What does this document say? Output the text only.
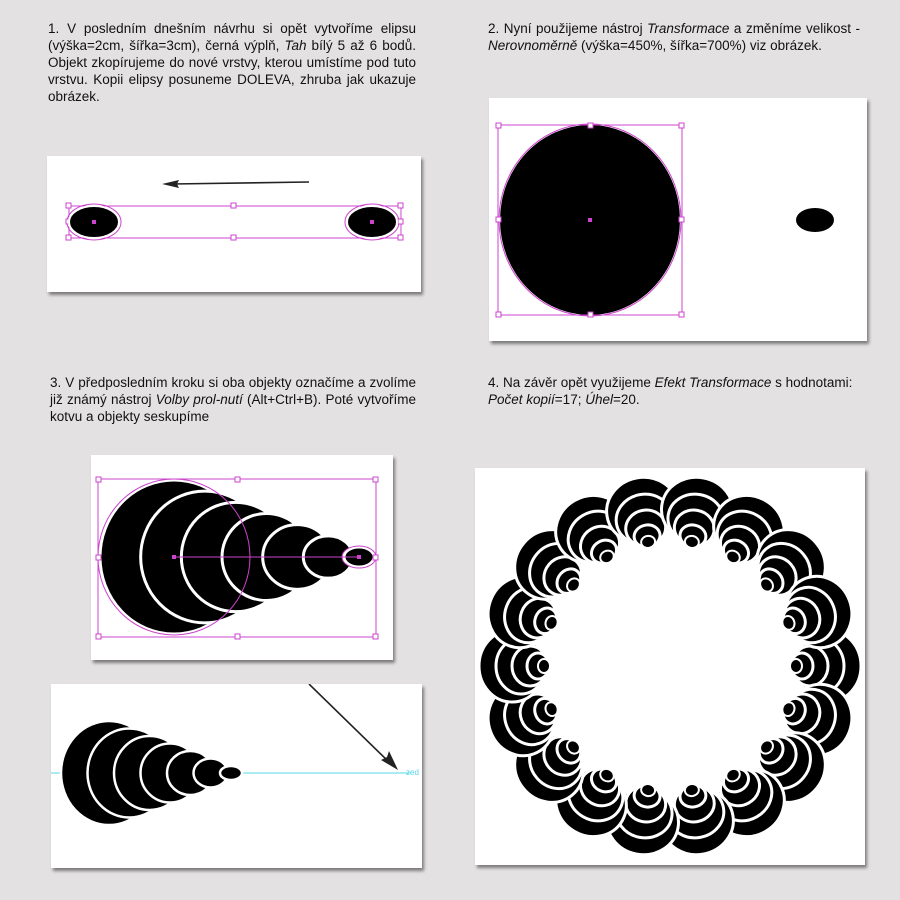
1. V posledním dnešním návrhu si opět vytvoříme elipsu (výška=2cm, šířka=3cm), černá výplň, Tah bílý 5 až 6 bodů. Objekt zkopírujeme do nové vrstvy, kterou umístíme pod tuto vrstvu. Kopii elipsy posuneme DOLEVA, zhruba jak ukazuje obrázek.

2. Nyní použijeme nástroj Transformace a změníme velikost - Nerovnoměrně (výška=450%, šířka=700%) viz obrázek.

3. V předposledním kroku si oba objekty označíme a zvolíme již známý nástroj Volby prol-nutí (Alt+Ctrl+B). Poté vytvoříme kotvu a objekty seskupíme

4. Na závěr opět využijeme Efekt Transformace s hodnotami: Počet kopií=17; Úhel=20.

zed
